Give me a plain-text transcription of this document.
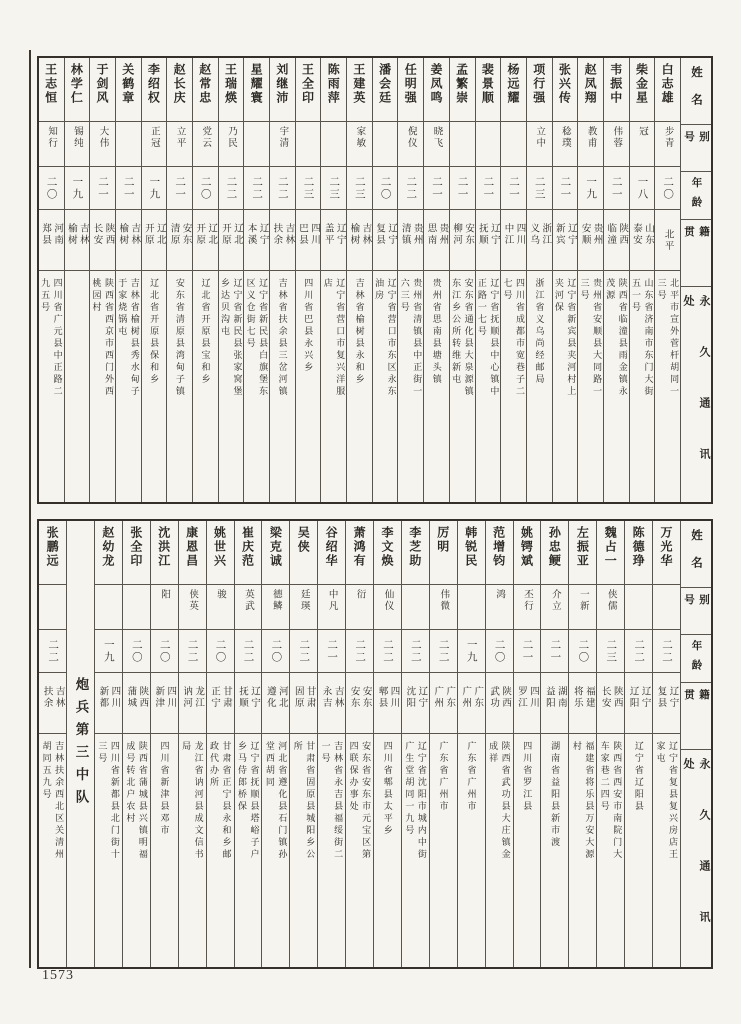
姓名
别号
年龄
籍贯
永久通讯处
白志雄
步青
二〇
北平
北平市宣外菅杆胡同一三号
柴金星
冠
一八
山东泰安
山东省济南市东门大街五一号
韦振中
伟蓉
二一
陕西临潼
陕西省临潼县雨金镇永茂源
赵凤翔
教甫
一九
贵州安顺
贵州省安顺县大同路一三号
张兴传
稔璞
二一
辽宁新宾
辽宁省新宾县夹河村上夹河保
项行强
立中
二三
浙江义乌
浙江省义乌尚经邮局
杨远耀
二一
四川中江
四川省成都市宽巷子二七号
裴景顺
二一
辽宁抚顺
辽宁省抚顺县中心镇中正路一七号
孟繁崇
二一
安东柳河
安东省通化县大泉源镇东江乡公所转维新屯
姜凤鸣
晓飞
二一
贵州思南
贵州省思南县塘头镇
任明强
倪仪
二二
贵州清镇
贵州省清镇县中正街一六三号
潘会廷
二〇
辽宁复县
辽宁省营口市东区永东油房
王建英
家敏
二三
吉林榆树
吉林省榆树县永和乡
陈雨萍
二三
辽宁盖平
辽宁省营口市复兴洋服店
王全印
二三
四川巴县
四川省巴县永兴乡
刘继沛
宇清
二二
吉林扶余
吉林省扶余县三岔河镇
星耀寰
二二
辽宁本溪
辽宁省新民县白旗堡东区义仓街七号
王瑞煐
乃民
二二
辽北开原
辽宁省新民县张家窝堡乡达贝沟屯
赵常忠
党云
二〇
辽北开原
辽北省开原县宝和乡
赵长庆
立平
二一
安东清原
安东省清原县湾甸子镇
李绍权
正冠
一九
辽北开原
辽北省开原县保和乡
关鹤章
二一
吉林榆树
吉林省榆树县秀水甸子于家烧锅屯
于剑风
大伟
二一
陕西长安
陕西省西京市西门外西桃园村
林学仁
锡纯
一九
吉林榆树
王志恒
知行
二〇
河南郑县
四川省广元县中正路二九五号
姓名
别号
年龄
籍贯
永久通讯处
万光华
二二
辽宁复县
辽宁省复县复兴房店王家屯
陈德琤
二二
辽宁辽阳
辽宁省辽阳县
魏占一
侠儒
二三
陕西长安
陕西省西安市南院门大车家巷二四号
左振亚
一新
二〇
福建将乐
福建省将乐县万安大源村
孙忠鲠
介立
二一
湖南益阳
湖南省益阳县新市渡
姚锷斌
丕行
二一
四川罗江
四川省罗江县
范增钧
鸿
二〇
陕西武功
陕西省武功县大庄镇金成祥
韩锐民
一九
广东广州
广东省广州市
厉明
伟微
二二
广东广州
广东省广州市
李芝助
二二
辽宁沈阳
辽宁省沈阳市城内中街广生堂胡同一九号
李文焕
仙仪
二二
四川郫县
四川省郫县太平乡
萧鸿有
衍
二二
安东安东
安东省安东市元宝区第四联保办事处
谷绍华
中凡
二一
吉林永吉
吉林省永吉县福绥街二一号
吴侠
廷瑛
二二
甘肃固原
甘肃省固原县城阳乡公所
梁克诚
德鳞
二〇
河北遵化
河北省遵化县石门镇孙堂西胡同
崔庆范
英武
二二
辽宁抚顺
辽宁省抚顺县塔峪子户乡马侍郎桥保
姚世兴
骏
二〇
甘肃正宁
甘肃省正宁县永和乡邮政代办所
康恩昌
侠英
二二
龙江讷河
龙江省讷河县成文信书局
沈洪江
阳
二〇
四川新津
四川省新津县邓市
张全印
二〇
陕西蒲城
陕西省蒲城县兴镇明福成号转北户农村
赵幼龙
一九
四川新都
四川省新都县北门街十三号
炮兵第三中队
张鹏远
二二
吉林扶余
吉林扶余西北区关清州胡同五九号
1573
